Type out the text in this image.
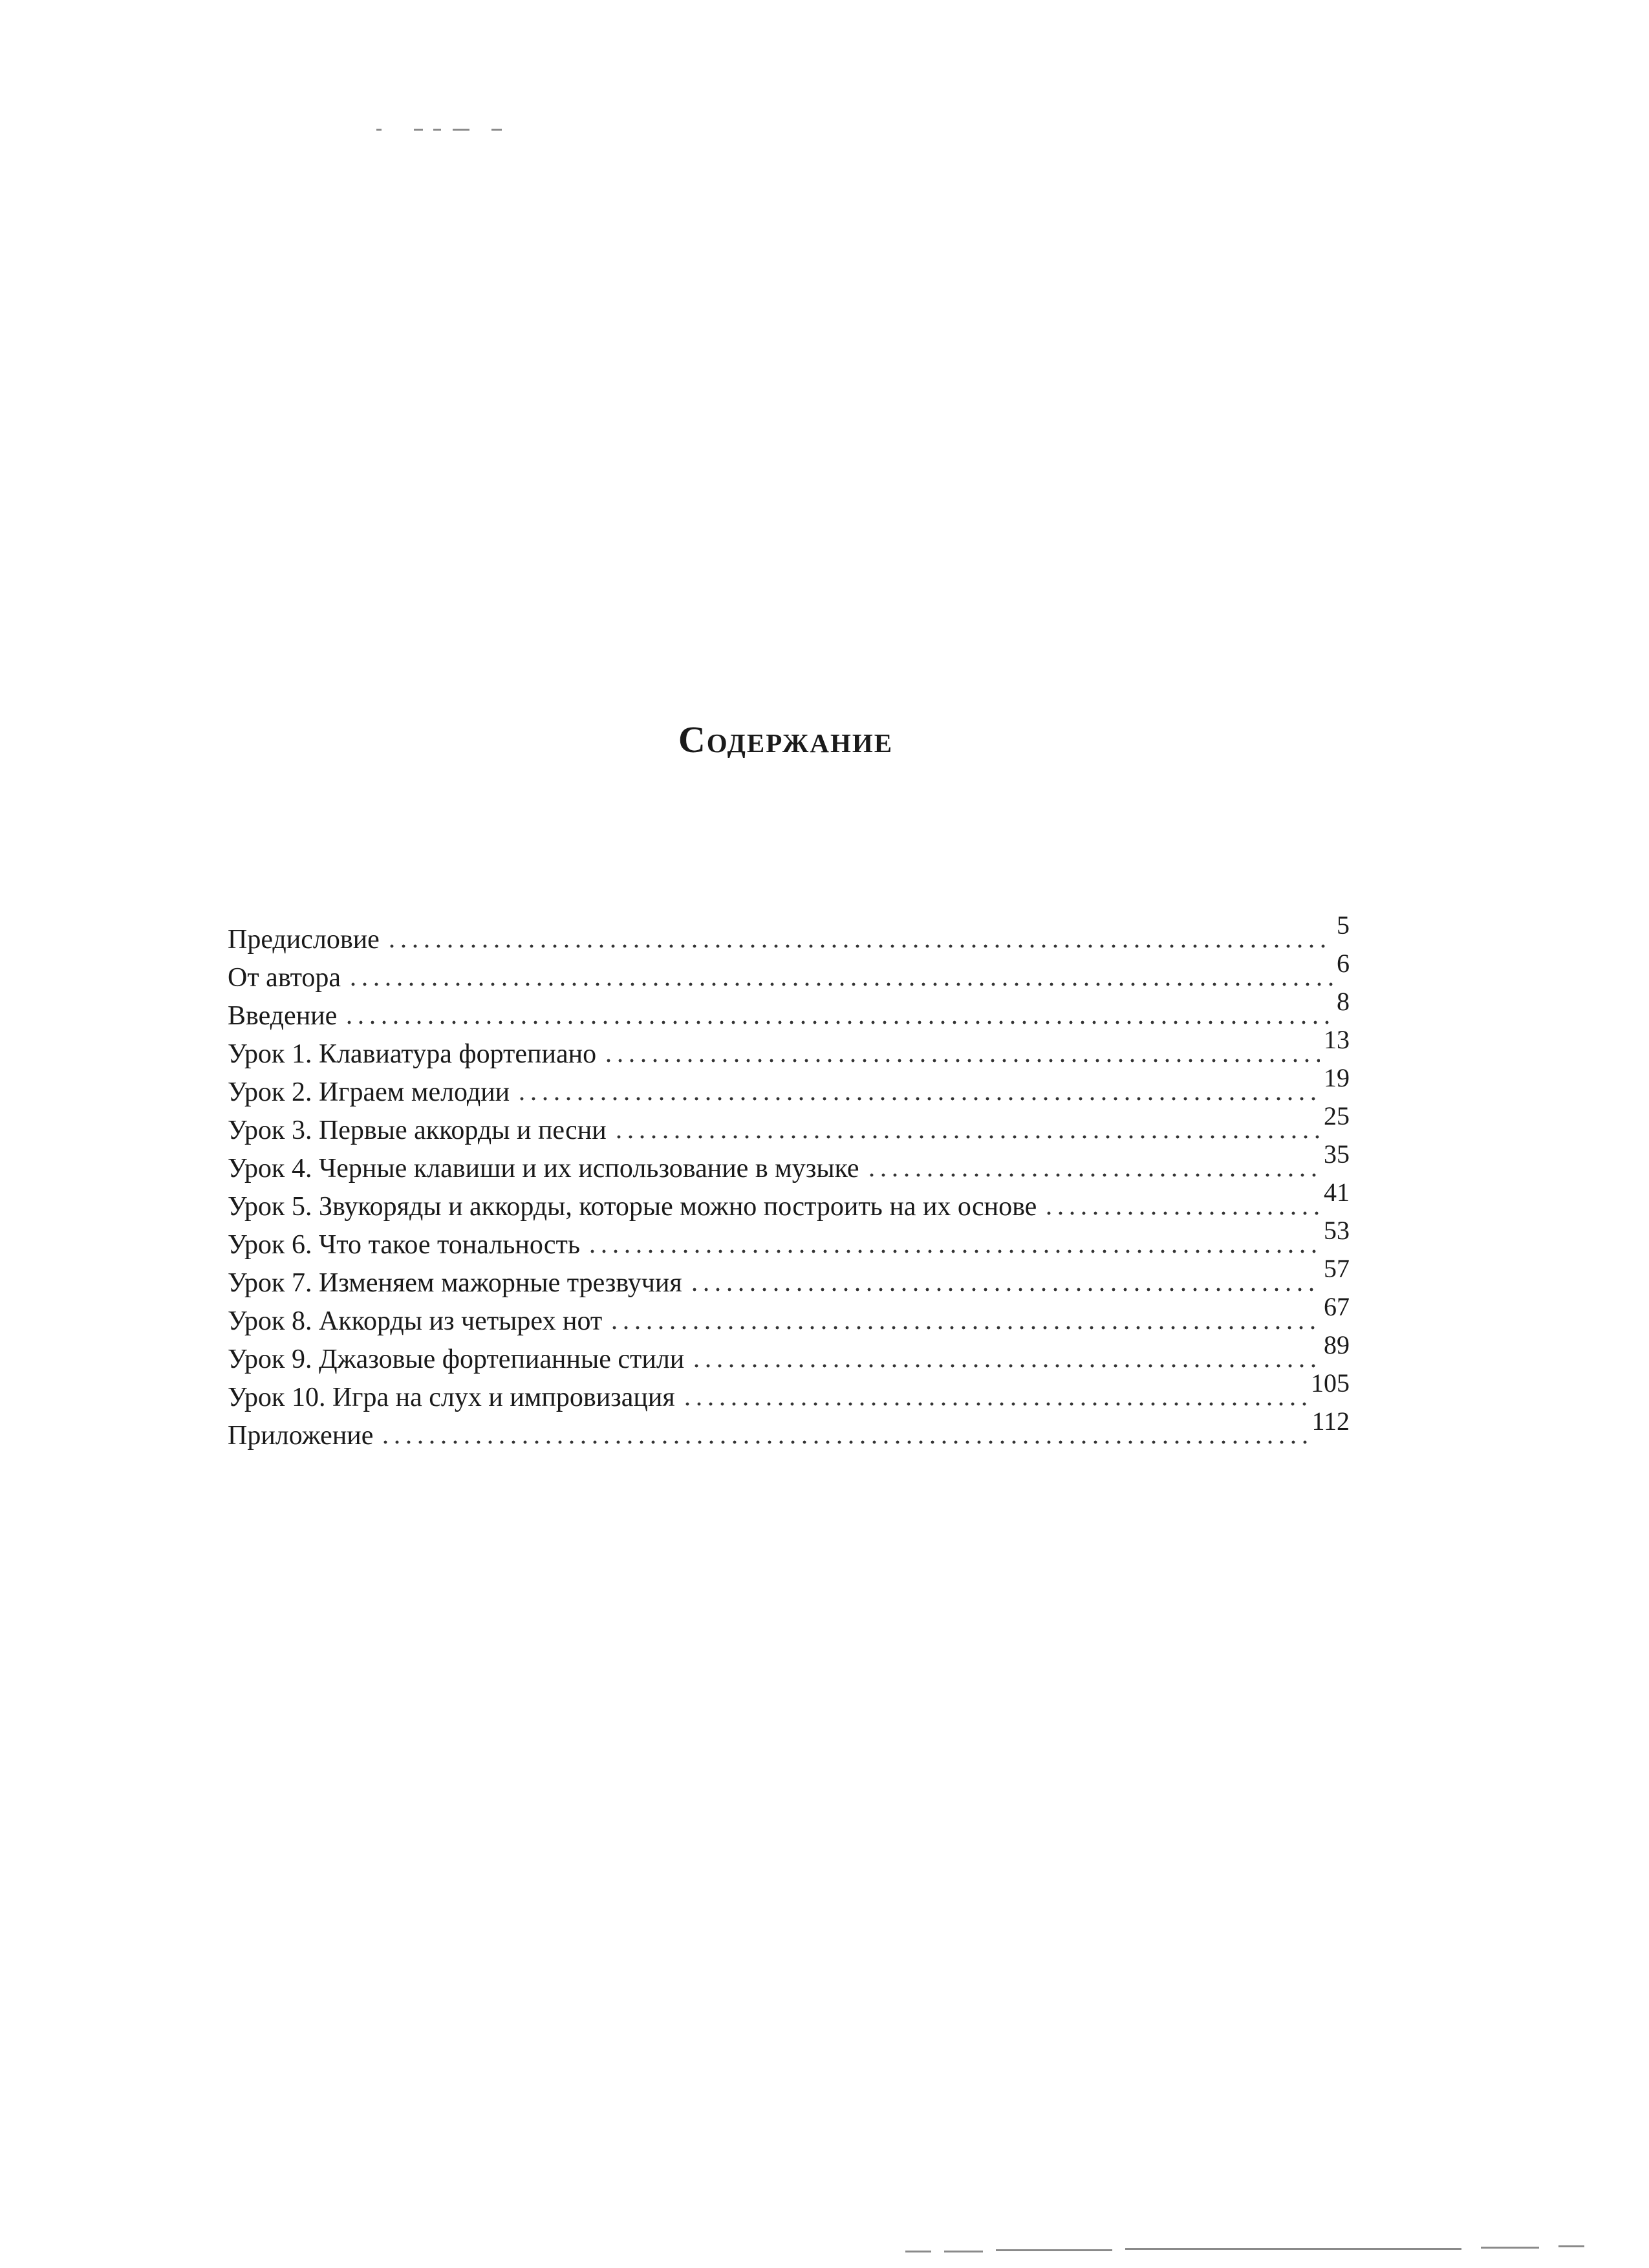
Содержание
Предисловие	5
От автора	6
Введение	8
Урок 1. Клавиатура фортепиано	13
Урок 2. Играем мелодии	19
Урок 3. Первые аккорды и песни	25
Урок 4. Черные клавиши и их использование в музыке	35
Урок 5. Звукоряды и аккорды, которые можно построить на их основе	41
Урок 6. Что такое тональность	53
Урок 7. Изменяем мажорные трезвучия	57
Урок 8. Аккорды из четырех нот	67
Урок 9. Джазовые фортепианные стили	89
Урок 10. Игра на слух и импровизация	105
Приложение	112
